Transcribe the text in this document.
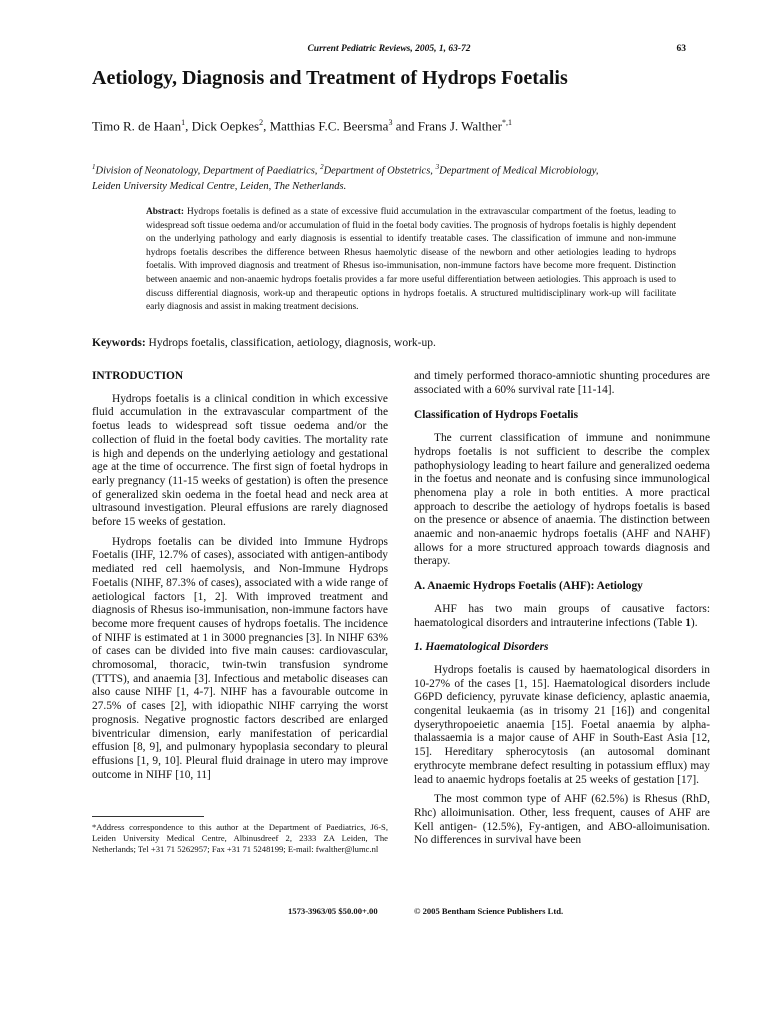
Current Pediatric Reviews, 2005, 1, 63-72	63
Aetiology, Diagnosis and Treatment of Hydrops Foetalis
Timo R. de Haan$^1$, Dick Oepkes$^2$, Matthias F.C. Beersma$^3$ and Frans J. Walther$^{*,1}$
$^1$Division of Neonatology, Department of Paediatrics, $^2$Department of Obstetrics, $^3$Department of Medical Microbiology,
Leiden University Medical Centre, Leiden, The Netherlands.
Abstract: Hydrops foetalis is defined as a state of excessive fluid accumulation in the extravascular compartment of the foetus, leading to widespread soft tissue oedema and/or accumulation of fluid in the foetal body cavities. The prognosis of hydrops foetalis is highly dependent on the underlying pathology and early diagnosis is essential to identify treatable cases. The classification of immune and non-immune hydrops foetalis describes the difference between Rhesus haemolytic disease of the newborn and other aetiologies leading to hydrops foetalis. With improved diagnosis and treatment of Rhesus iso-immunisation, non-immune factors have become more frequent. Distinction between anaemic and non-anaemic hydrops foetalis provides a far more useful differentiation between aetiologies. This approach is used to discuss differential diagnosis, work-up and therapeutic options in hydrops foetalis. A structured multidisciplinary work-up will facilitate early diagnosis and assist in making treatment decisions.
Keywords: Hydrops foetalis, classification, aetiology, diagnosis, work-up.
INTRODUCTION

Hydrops foetalis is a clinical condition in which excessive fluid accumulation in the extravascular compartment of the foetus leads to widespread soft tissue oedema and/or the collection of fluid in the foetal body cavities. The mortality rate is high and depends on the underlying aetiology and gestational age at the time of occurrence. The first sign of foetal hydrops in early pregnancy (11-15 weeks of gestation) is often the presence of generalized skin oedema in the foetal head and neck area at ultrasound investigation. Pleural effusions are rarely diagnosed before 15 weeks of gestation.

Hydrops foetalis can be divided into Immune Hydrops Foetalis (IHF, 12.7% of cases), associated with antigen-antibody mediated red cell haemolysis, and Non-Immune Hydrops Foetalis (NIHF, 87.3% of cases), associated with a wide range of aetiological factors [1, 2]. With improved treatment and diagnosis of Rhesus iso-immunisation, non-immune factors have become more frequent causes of hydrops foetalis. The incidence of NIHF is estimated at 1 in 3000 pregnancies [3]. In NIHF 63% of cases can be divided into five main causes: cardiovascular, chromosomal, thoracic, twin-twin transfusion syndrome (TTTS), and anaemia [3]. Infectious and metabolic diseases can also cause NIHF [1, 4-7]. NIHF has a favourable outcome in 27.5% of cases [2], with idiopathic NIHF carrying the worst prognosis. Negative prognostic factors described are enlarged biventricular dimension, early manifestation of pericardial effusion [8, 9], and pulmonary hypoplasia secondary to pleural effusions [1, 9, 10]. Pleural fluid drainage in utero may improve outcome in NIHF [10, 11]

and timely performed thoraco-amniotic shunting procedures are associated with a 60% survival rate [11-14].

Classification of Hydrops Foetalis

The current classification of immune and nonimmune hydrops foetalis is not sufficient to describe the complex pathophysiology leading to heart failure and generalized oedema in the foetus and neonate and is confusing since immunological phenomena play a role in both entities. A more practical approach to describe the aetiology of hydrops foetalis is based on the presence or absence of anaemia. The distinction between anaemic and non-anaemic hydrops foetalis (AHF and NAHF) allows for a more structured approach towards diagnosis and therapy.

A. Anaemic Hydrops Foetalis (AHF): Aetiology

AHF has two main groups of causative factors: haematological disorders and intrauterine infections (Table 1).

1. Haematological Disorders

Hydrops foetalis is caused by haematological disorders in 10-27% of the cases [1, 15]. Haematological disorders include G6PD deficiency, pyruvate kinase deficiency, aplastic anaemia, congenital leukaemia (as in trisomy 21 [16]) and congenital dyserythropoeietic anaemia [15]. Foetal anaemia by alpha-thalassaemia is a major cause of AHF in South-East Asia [12, 15]. Hereditary spherocytosis (an autosomal dominant erythrocyte membrane defect resulting in potassium efflux) may lead to anaemic hydrops foetalis at 25 weeks of gestation [17].

The most common type of AHF (62.5%) is Rhesus (RhD, Rhc) alloimunisation. Other, less frequent, causes of AHF are Kell antigen- (12.5%), Fy-antigen, and ABO-alloimunisation. No differences in survival have been

*Address correspondence to this author at the Department of Paediatrics, J6-S, Leiden University Medical Centre, Albinusdreef 2, 2333 ZA Leiden, The Netherlands; Tel +31 71 5262957; Fax +31 71 5248199; E-mail: fwalther@lumc.nl
1573-3963/05 $50.00+.00	© 2005 Bentham Science Publishers Ltd.
